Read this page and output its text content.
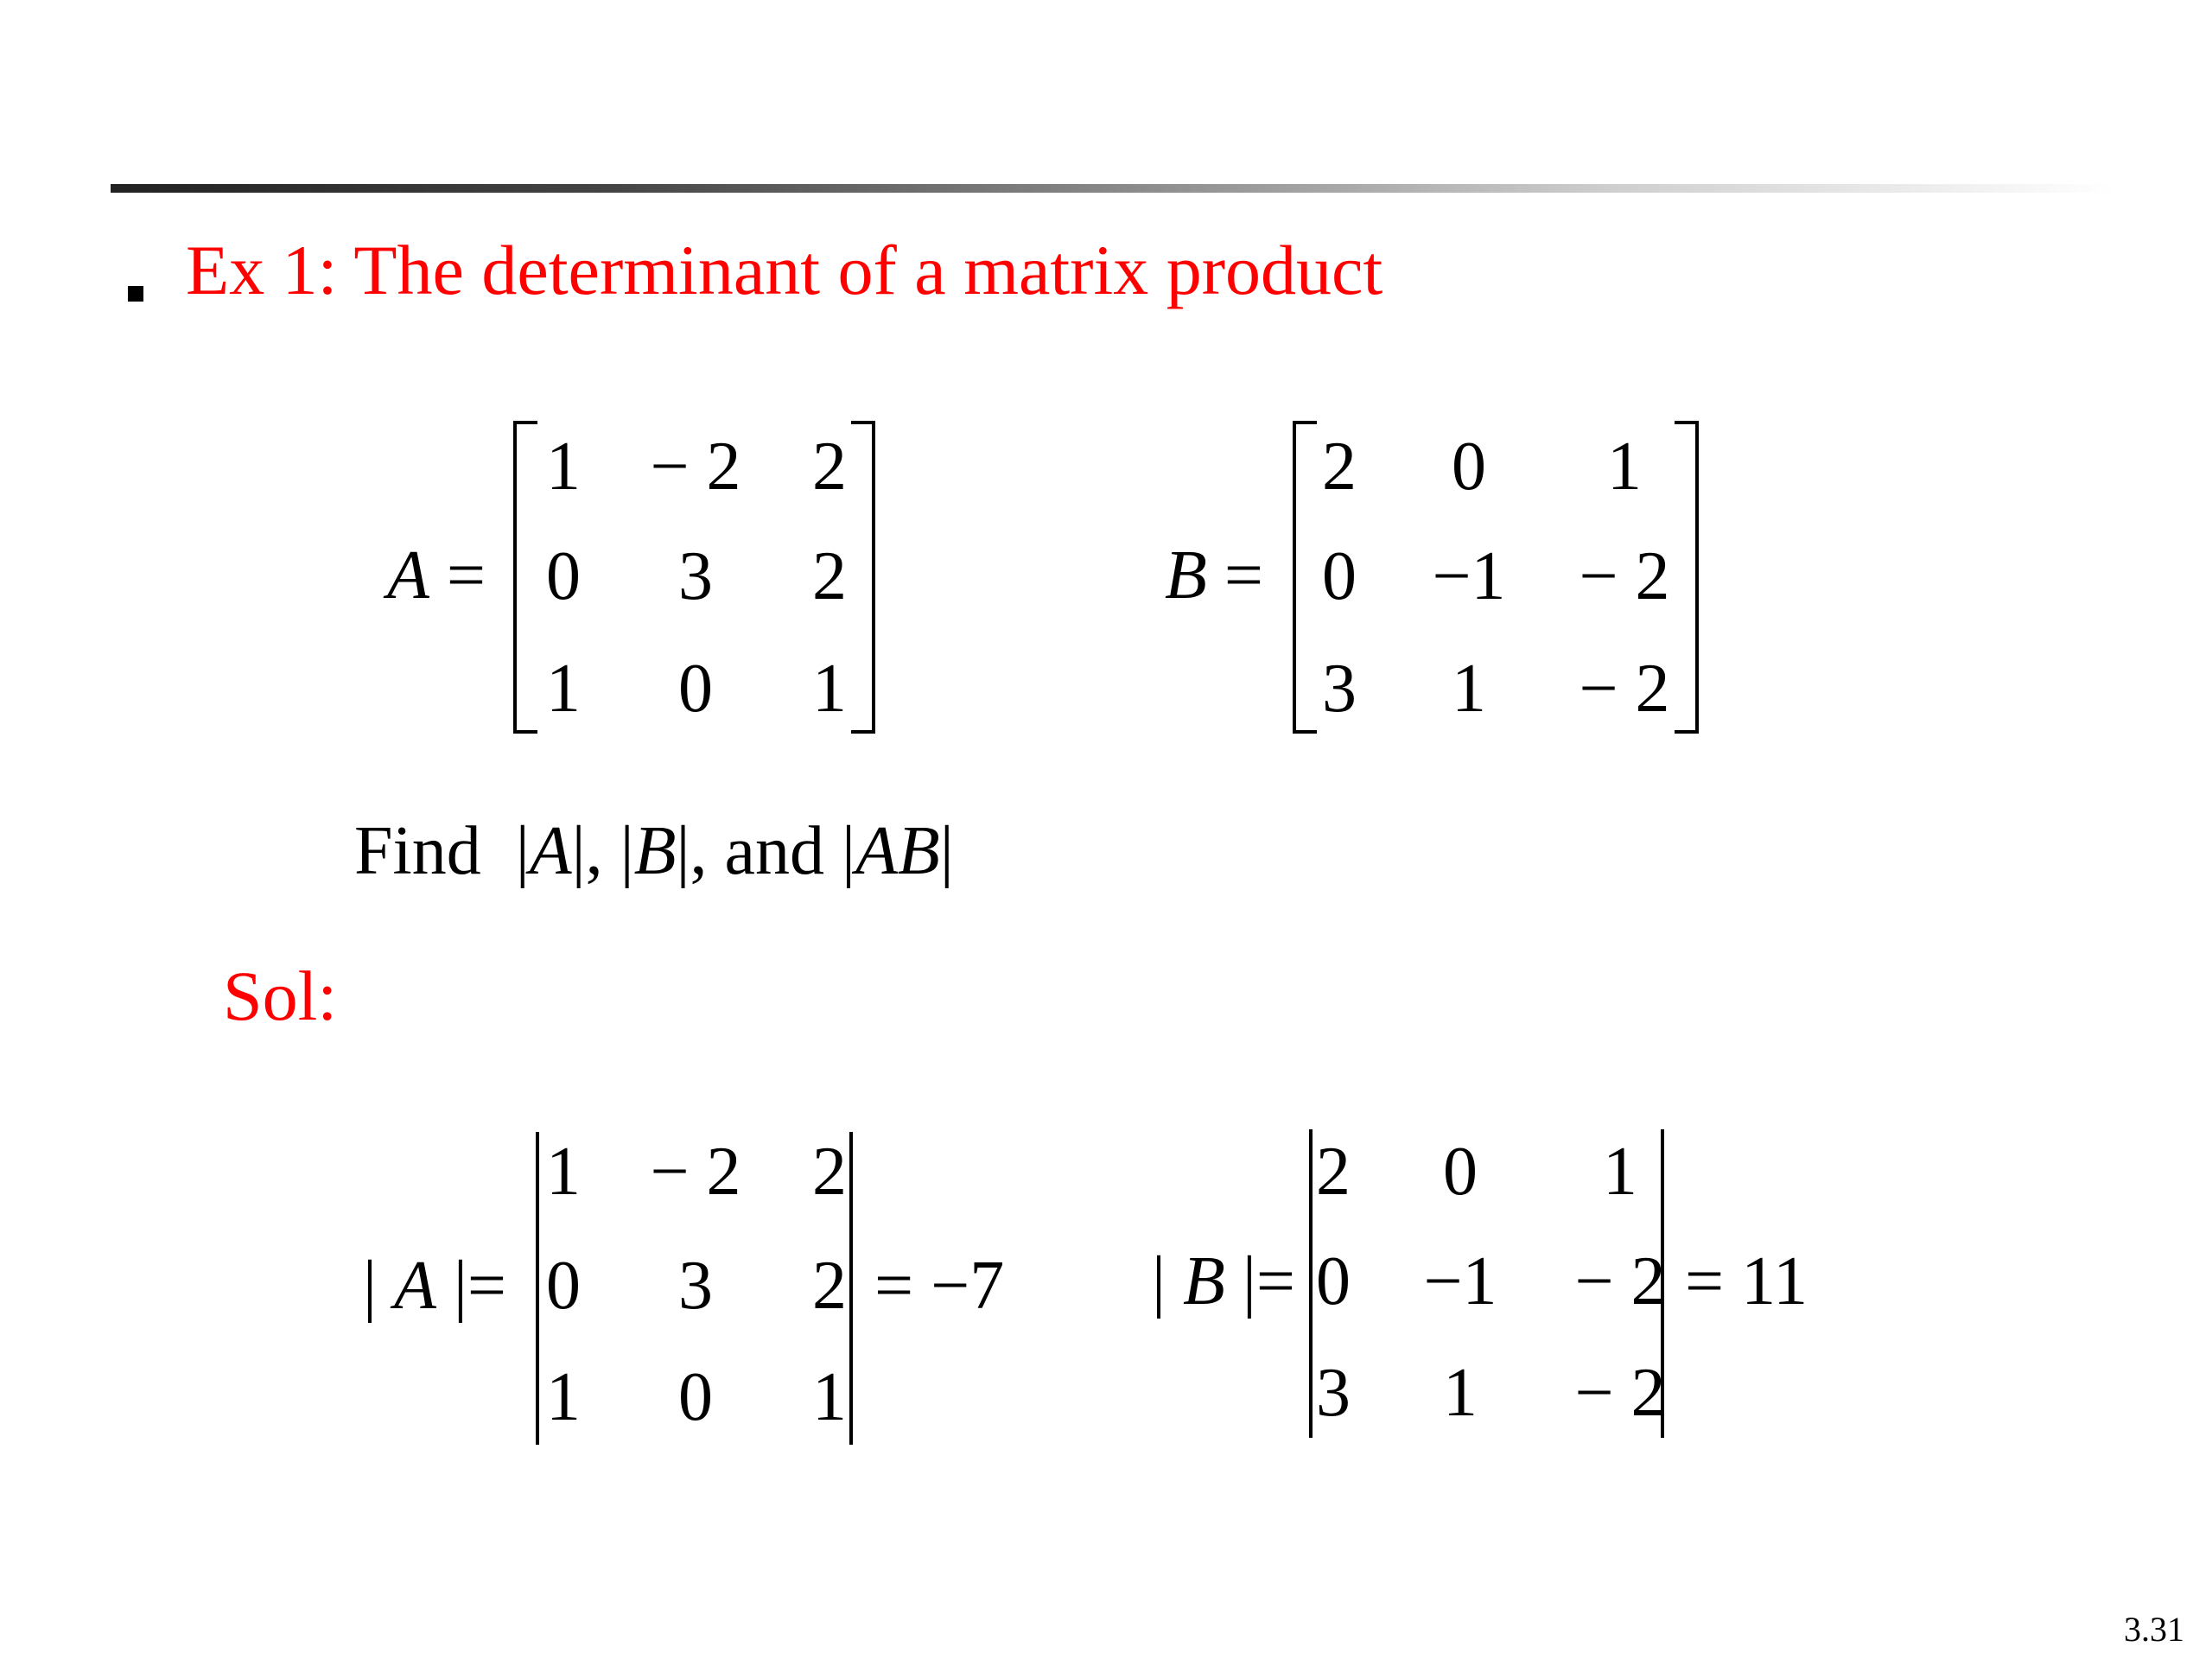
Ex 1: The determinant of a matrix product
A =
1 − 2 2
0 3 2
1 0 1
B =
2 0 1
0 −1 − 2
3 1 − 2
Find |A|, |B|, and |AB|
Sol:
| A |=
1 − 2 2
0 3 2
1 0 1
= −7 | B |=
2 0 1
0 −1 − 2
3 1 − 2
= 11
3.31
